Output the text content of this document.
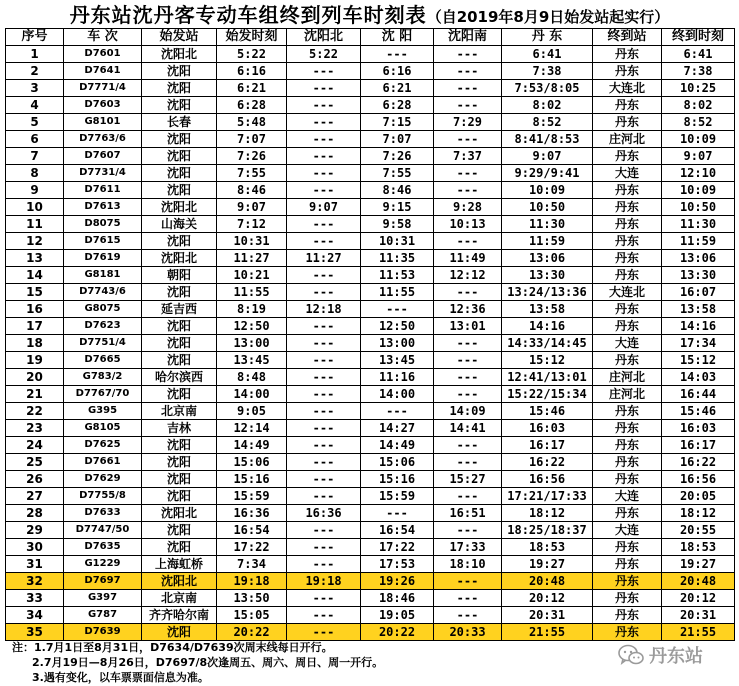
丹东站沈丹客专动车组终到列车时刻表（自2019年8月9日始发站起实行）
序号	车 次	始发站	始发时刻	沈阳北	沈 阳	沈阳南	丹 东	终到站	终到时刻
1	D7601	沈阳北	5:22	5:22	---	---	6:41	丹东	6:41
2	D7641	沈阳	6:16	---	6:16	---	7:38	丹东	7:38
3	D7771/4	沈阳	6:21	---	6:21	---	7:53/8:05	大连北	10:25
4	D7603	沈阳	6:28	---	6:28	---	8:02	丹东	8:02
5	G8101	长春	5:48	---	7:15	7:29	8:52	丹东	8:52
6	D7763/6	沈阳	7:07	---	7:07	---	8:41/8:53	庄河北	10:09
7	D7607	沈阳	7:26	---	7:26	7:37	9:07	丹东	9:07
8	D7731/4	沈阳	7:55	---	7:55	---	9:29/9:41	大连	12:10
9	D7611	沈阳	8:46	---	8:46	---	10:09	丹东	10:09
10	D7613	沈阳北	9:07	9:07	9:15	9:28	10:50	丹东	10:50
11	D8075	山海关	7:12	---	9:58	10:13	11:30	丹东	11:30
12	D7615	沈阳	10:31	---	10:31	---	11:59	丹东	11:59
13	D7619	沈阳北	11:27	11:27	11:35	11:49	13:06	丹东	13:06
14	G8181	朝阳	10:21	---	11:53	12:12	13:30	丹东	13:30
15	D7743/6	沈阳	11:55	---	11:55	---	13:24/13:36	大连北	16:07
16	G8075	延吉西	8:19	12:18	---	12:36	13:58	丹东	13:58
17	D7623	沈阳	12:50	---	12:50	13:01	14:16	丹东	14:16
18	D7751/4	沈阳	13:00	---	13:00	---	14:33/14:45	大连	17:34
19	D7665	沈阳	13:45	---	13:45	---	15:12	丹东	15:12
20	G783/2	哈尔滨西	8:48	---	11:16	---	12:41/13:01	庄河北	14:03
21	D7767/70	沈阳	14:00	---	14:00	---	15:22/15:34	庄河北	16:44
22	G395	北京南	9:05	---	---	14:09	15:46	丹东	15:46
23	G8105	吉林	12:14	---	14:27	14:41	16:03	丹东	16:03
24	D7625	沈阳	14:49	---	14:49	---	16:17	丹东	16:17
25	D7661	沈阳	15:06	---	15:06	---	16:22	丹东	16:22
26	D7629	沈阳	15:16	---	15:16	15:27	16:56	丹东	16:56
27	D7755/8	沈阳	15:59	---	15:59	---	17:21/17:33	大连	20:05
28	D7633	沈阳北	16:36	16:36	---	16:51	18:12	丹东	18:12
29	D7747/50	沈阳	16:54	---	16:54	---	18:25/18:37	大连	20:55
30	D7635	沈阳	17:22	---	17:22	17:33	18:53	丹东	18:53
31	G1229	上海虹桥	7:34	---	17:53	18:10	19:27	丹东	19:27
32	D7697	沈阳北	19:18	19:18	19:26	---	20:48	丹东	20:48
33	G397	北京南	13:50	---	18:46	---	20:12	丹东	20:12
34	G787	齐齐哈尔南	15:05	---	19:05	---	20:31	丹东	20:31
35	D7639	沈阳	20:22	---	20:22	20:33	21:55	丹东	21:55
注：1.7月1日至8月31日，D7634/D7639次周末线每日开行。
2.7月19日—8月26日，D7697/8次逢周五、周六、周日、周一开行。
3.遇有变化，以车票票面信息为准。
丹东站
